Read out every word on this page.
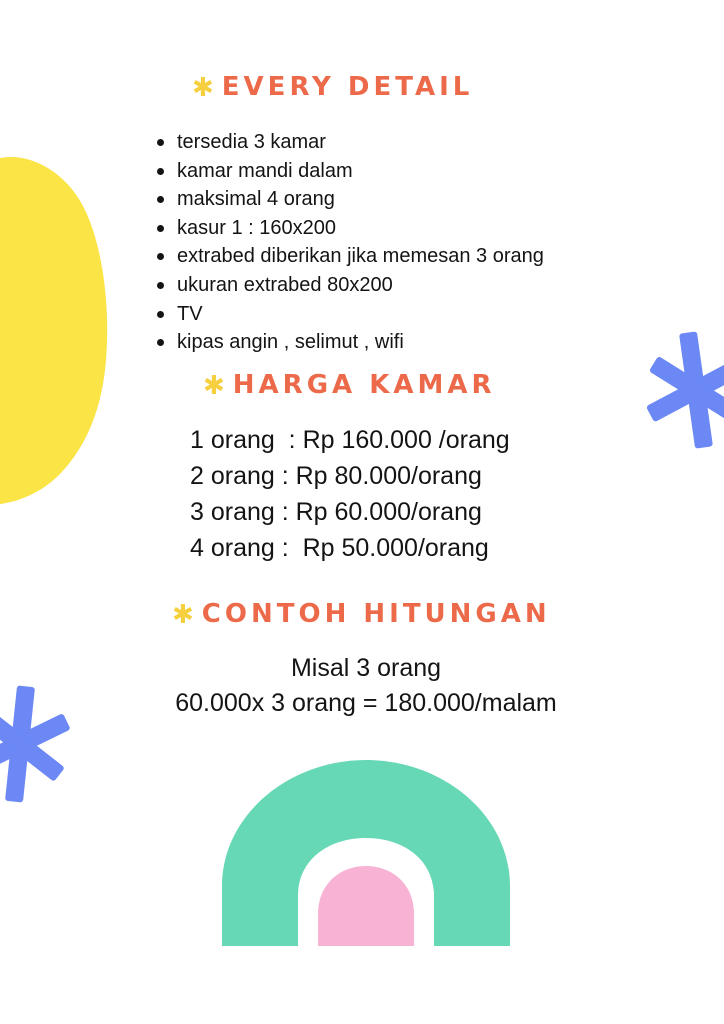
✱ EVERY DETAIL
tersedia 3 kamar
kamar mandi dalam
maksimal 4 orang
kasur 1 : 160x200
extrabed diberikan jika memesan 3 orang
ukuran extrabed 80x200
TV
kipas angin , selimut , wifi
✱ HARGA KAMAR
1 orang  : Rp 160.000 /orang
2 orang : Rp 80.000/orang
3 orang : Rp 60.000/orang
4 orang :  Rp 50.000/orang
✱ CONTOH HITUNGAN
Misal 3 orang
60.000x 3 orang = 180.000/malam
